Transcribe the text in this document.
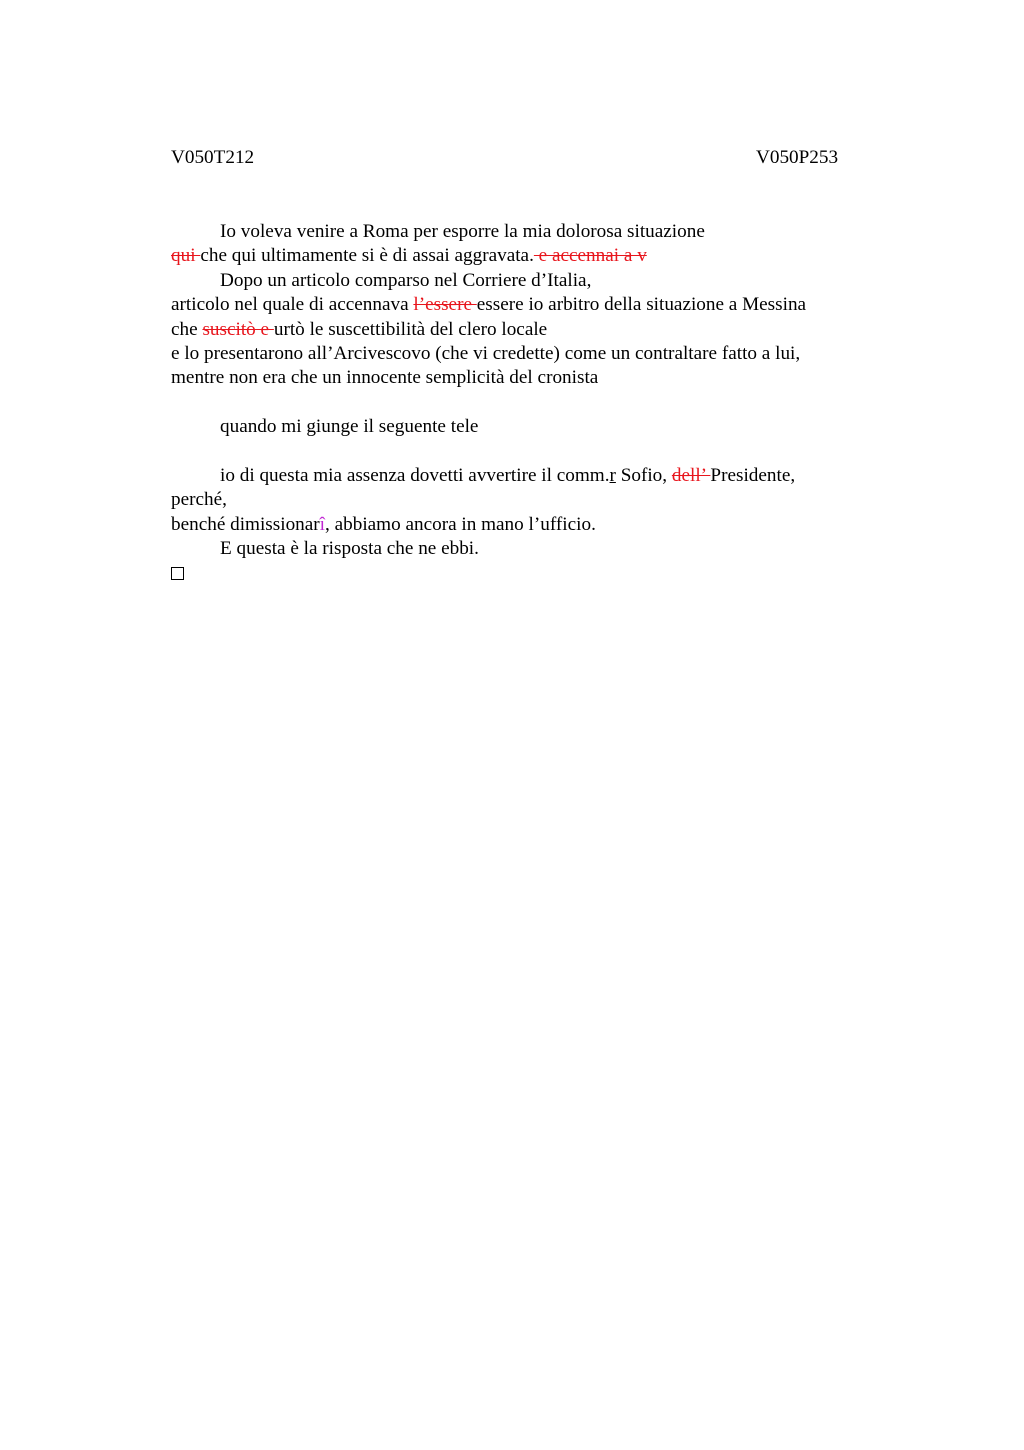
V050T212	V050P253
Io voleva venire a Roma per esporre la mia dolorosa situazione
qui che qui ultimamente si è di assai aggravata. e accennai a v
Dopo un articolo comparso nel Corriere d’Italia,
articolo nel quale di accennava l’essere essere io arbitro della situazione a Messina
che suscitò e urtò le suscettibilità del clero locale
e lo presentarono all’Arcivescovo (che vi credette) come un contraltare fatto a lui,
mentre non era che un innocente semplicità del cronista
quando mi giunge il seguente tele
io di questa mia assenza dovetti avvertire il comm.r Sofio, dell’ Presidente,
perché,
benché dimissionarî, abbiamo ancora in mano l’ufficio.
E questa è la risposta che ne ebbi.
